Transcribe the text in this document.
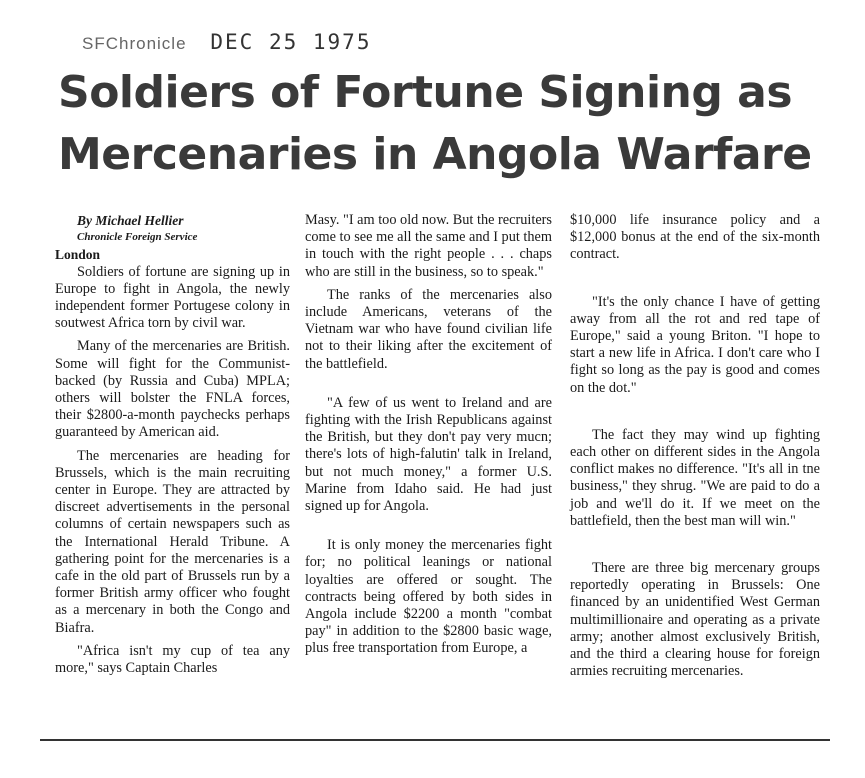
SFChronicle DEC 25 1975
Soldiers of Fortune Signing as
Mercenaries in Angola Warfare

By Michael Hellier

Chronicle Foreign Service

London

Soldiers of fortune are signing up in Europe to fight in Angola, the newly independent former Portugese colony in soutwest Africa torn by civil war.

Many of the mercenaries are British. Some will fight for the Communist-backed (by Russia and Cuba) MPLA; others will bolster the FNLA forces, their $2800-a-month paychecks perhaps guaranteed by American aid.

The mercenaries are heading for Brussels, which is the main recruiting center in Europe. They are attracted by discreet advertisements in the personal columns of certain newspapers such as the International Herald Tribune. A gathering point for the mercenaries is a cafe in the old part of Brussels run by a former British army officer who fought as a mercenary in both the Congo and Biafra.

"Africa isn't my cup of tea any more," says Captain Charles

Masy. "I am too old now. But the recruiters come to see me all the same and I put them in touch with the right people . . . chaps who are still in the business, so to speak."

The ranks of the mercenaries also include Americans, veterans of the Vietnam war who have found civilian life not to their liking after the excitement of the battlefield.

"A few of us went to Ireland and are fighting with the Irish Republicans against the British, but they don't pay very mucn; there's lots of high-falutin' talk in Ireland, but not much money," a former U.S. Marine from Idaho said. He had just signed up for Angola.

It is only money the mercenaries fight for; no political leanings or national loyalties are offered or sought. The contracts being offered by both sides in Angola include $2200 a month "combat pay" in addition to the $2800 basic wage, plus free transportation from Europe, a

$10,000 life insurance policy and a $12,000 bonus at the end of the six-month contract.

"It's the only chance I have of getting away from all the rot and red tape of Europe," said a young Briton. "I hope to start a new life in Africa. I don't care who I fight so long as the pay is good and comes on the dot."

The fact they may wind up fighting each other on different sides in the Angola conflict makes no difference. "It's all in tne business," they shrug. "We are paid to do a job and we'll do it. If we meet on the battlefield, then the best man will win."

There are three big mercenary groups reportedly operating in Brussels: One financed by an unidentified West German multimillionaire and operating as a private army; another almost exclusively British, and the third a clearing house for foreign armies recruiting mercenaries.
